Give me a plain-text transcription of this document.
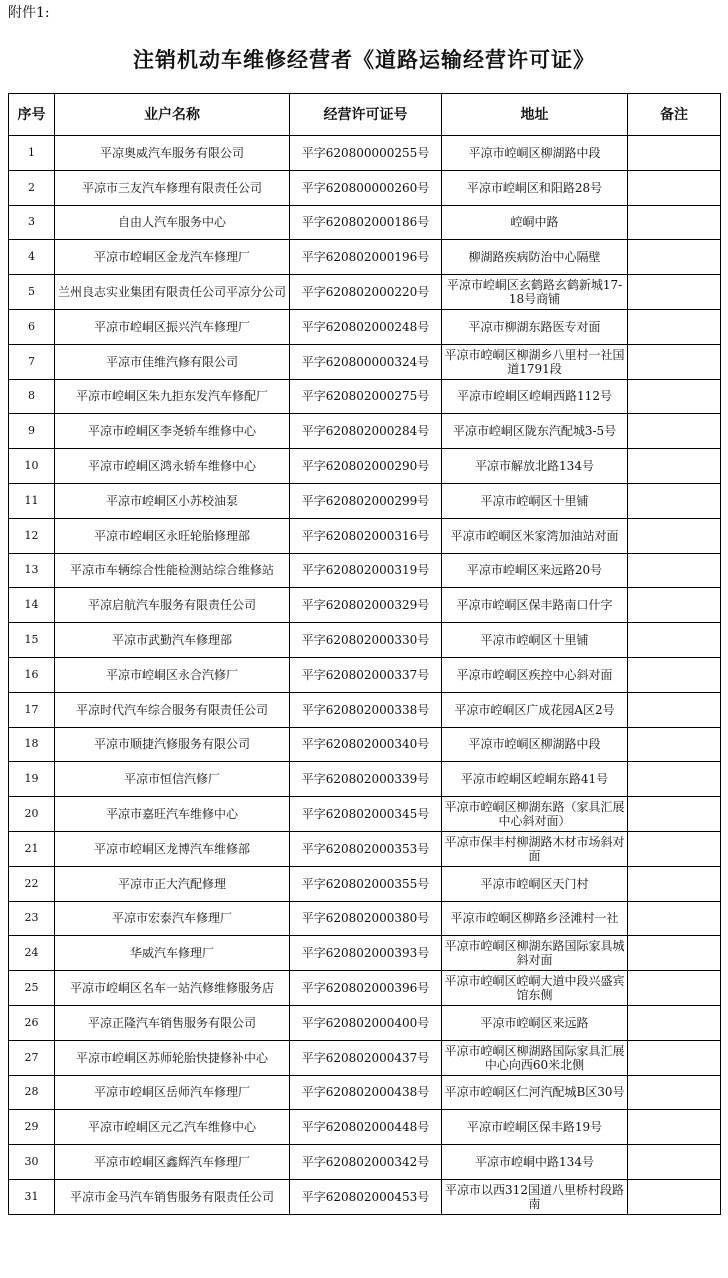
附件1:
注销机动车维修经营者《道路运输经营许可证》
序号	业户名称	经营许可证号	地址	备注
1	平凉奥威汽车服务有限公司	平字620800000255号	平凉市崆峒区柳湖路中段	
2	平凉市三友汽车修理有限责任公司	平字620800000260号	平凉市崆峒区和阳路28号	
3	自由人汽车服务中心	平字620802000186号	崆峒中路	
4	平凉市崆峒区金龙汽车修理厂	平字620802000196号	柳湖路疾病防治中心隔壁	
5	兰州良志实业集团有限责任公司平凉分公司	平字620802000220号	平凉市崆峒区玄鹤路玄鹤新城17-18号商铺	
6	平凉市崆峒区振兴汽车修理厂	平字620802000248号	平凉市柳湖东路医专对面	
7	平凉市佳维汽修有限公司	平字620800000324号	平凉市崆峒区柳湖乡八里村一社国道1791段	
8	平凉市崆峒区朱九拒东发汽车修配厂	平字620802000275号	平凉市崆峒区崆峒西路112号	
9	平凉市崆峒区李尧轿车维修中心	平字620802000284号	平凉市崆峒区陇东汽配城3-5号	
10	平凉市崆峒区鸿永轿车维修中心	平字620802000290号	平凉市解放北路134号	
11	平凉市崆峒区小苏校油泵	平字620802000299号	平凉市崆峒区十里铺	
12	平凉市崆峒区永旺轮胎修理部	平字620802000316号	平凉市崆峒区米家湾加油站对面	
13	平凉市车辆综合性能检测站综合维修站	平字620802000319号	平凉市崆峒区来远路20号	
14	平凉启航汽车服务有限责任公司	平字620802000329号	平凉市崆峒区保丰路南口什字	
15	平凉市武勤汽车修理部	平字620802000330号	平凉市崆峒区十里铺	
16	平凉市崆峒区永合汽修厂	平字620802000337号	平凉市崆峒区疾控中心斜对面	
17	平凉时代汽车综合服务有限责任公司	平字620802000338号	平凉市崆峒区广成花园A区2号	
18	平凉市顺捷汽修服务有限公司	平字620802000340号	平凉市崆峒区柳湖路中段	
19	平凉市恒信汽修厂	平字620802000339号	平凉市崆峒区崆峒东路41号	
20	平凉市嘉旺汽车维修中心	平字620802000345号	平凉市崆峒区柳湖东路（家具汇展中心斜对面）	
21	平凉市崆峒区龙博汽车维修部	平字620802000353号	平凉市保丰村柳湖路木材市场斜对面	
22	平凉市正大汽配修理	平字620802000355号	平凉市崆峒区天门村	
23	平凉市宏泰汽车修理厂	平字620802000380号	平凉市崆峒区柳路乡泾滩村一社	
24	华威汽车修理厂	平字620802000393号	平凉市崆峒区柳湖东路国际家具城斜对面	
25	平凉市崆峒区名车一站汽修维修服务店	平字620802000396号	平凉市崆峒区崆峒大道中段兴盛宾馆东侧	
26	平凉正隆汽车销售服务有限公司	平字620802000400号	平凉市崆峒区来远路	
27	平凉市崆峒区苏师轮胎快捷修补中心	平字620802000437号	平凉市崆峒区柳湖路国际家具汇展中心向西60米北侧	
28	平凉市崆峒区岳师汽车修理厂	平字620802000438号	平凉市崆峒区仁河汽配城B区30号	
29	平凉市崆峒区元乙汽车维修中心	平字620802000448号	平凉市崆峒区保丰路19号	
30	平凉市崆峒区鑫辉汽车修理厂	平字620802000342号	平凉市崆峒中路134号	
31	平凉市金马汽车销售服务有限责任公司	平字620802000453号	平凉市以西312国道八里桥村段路南	
